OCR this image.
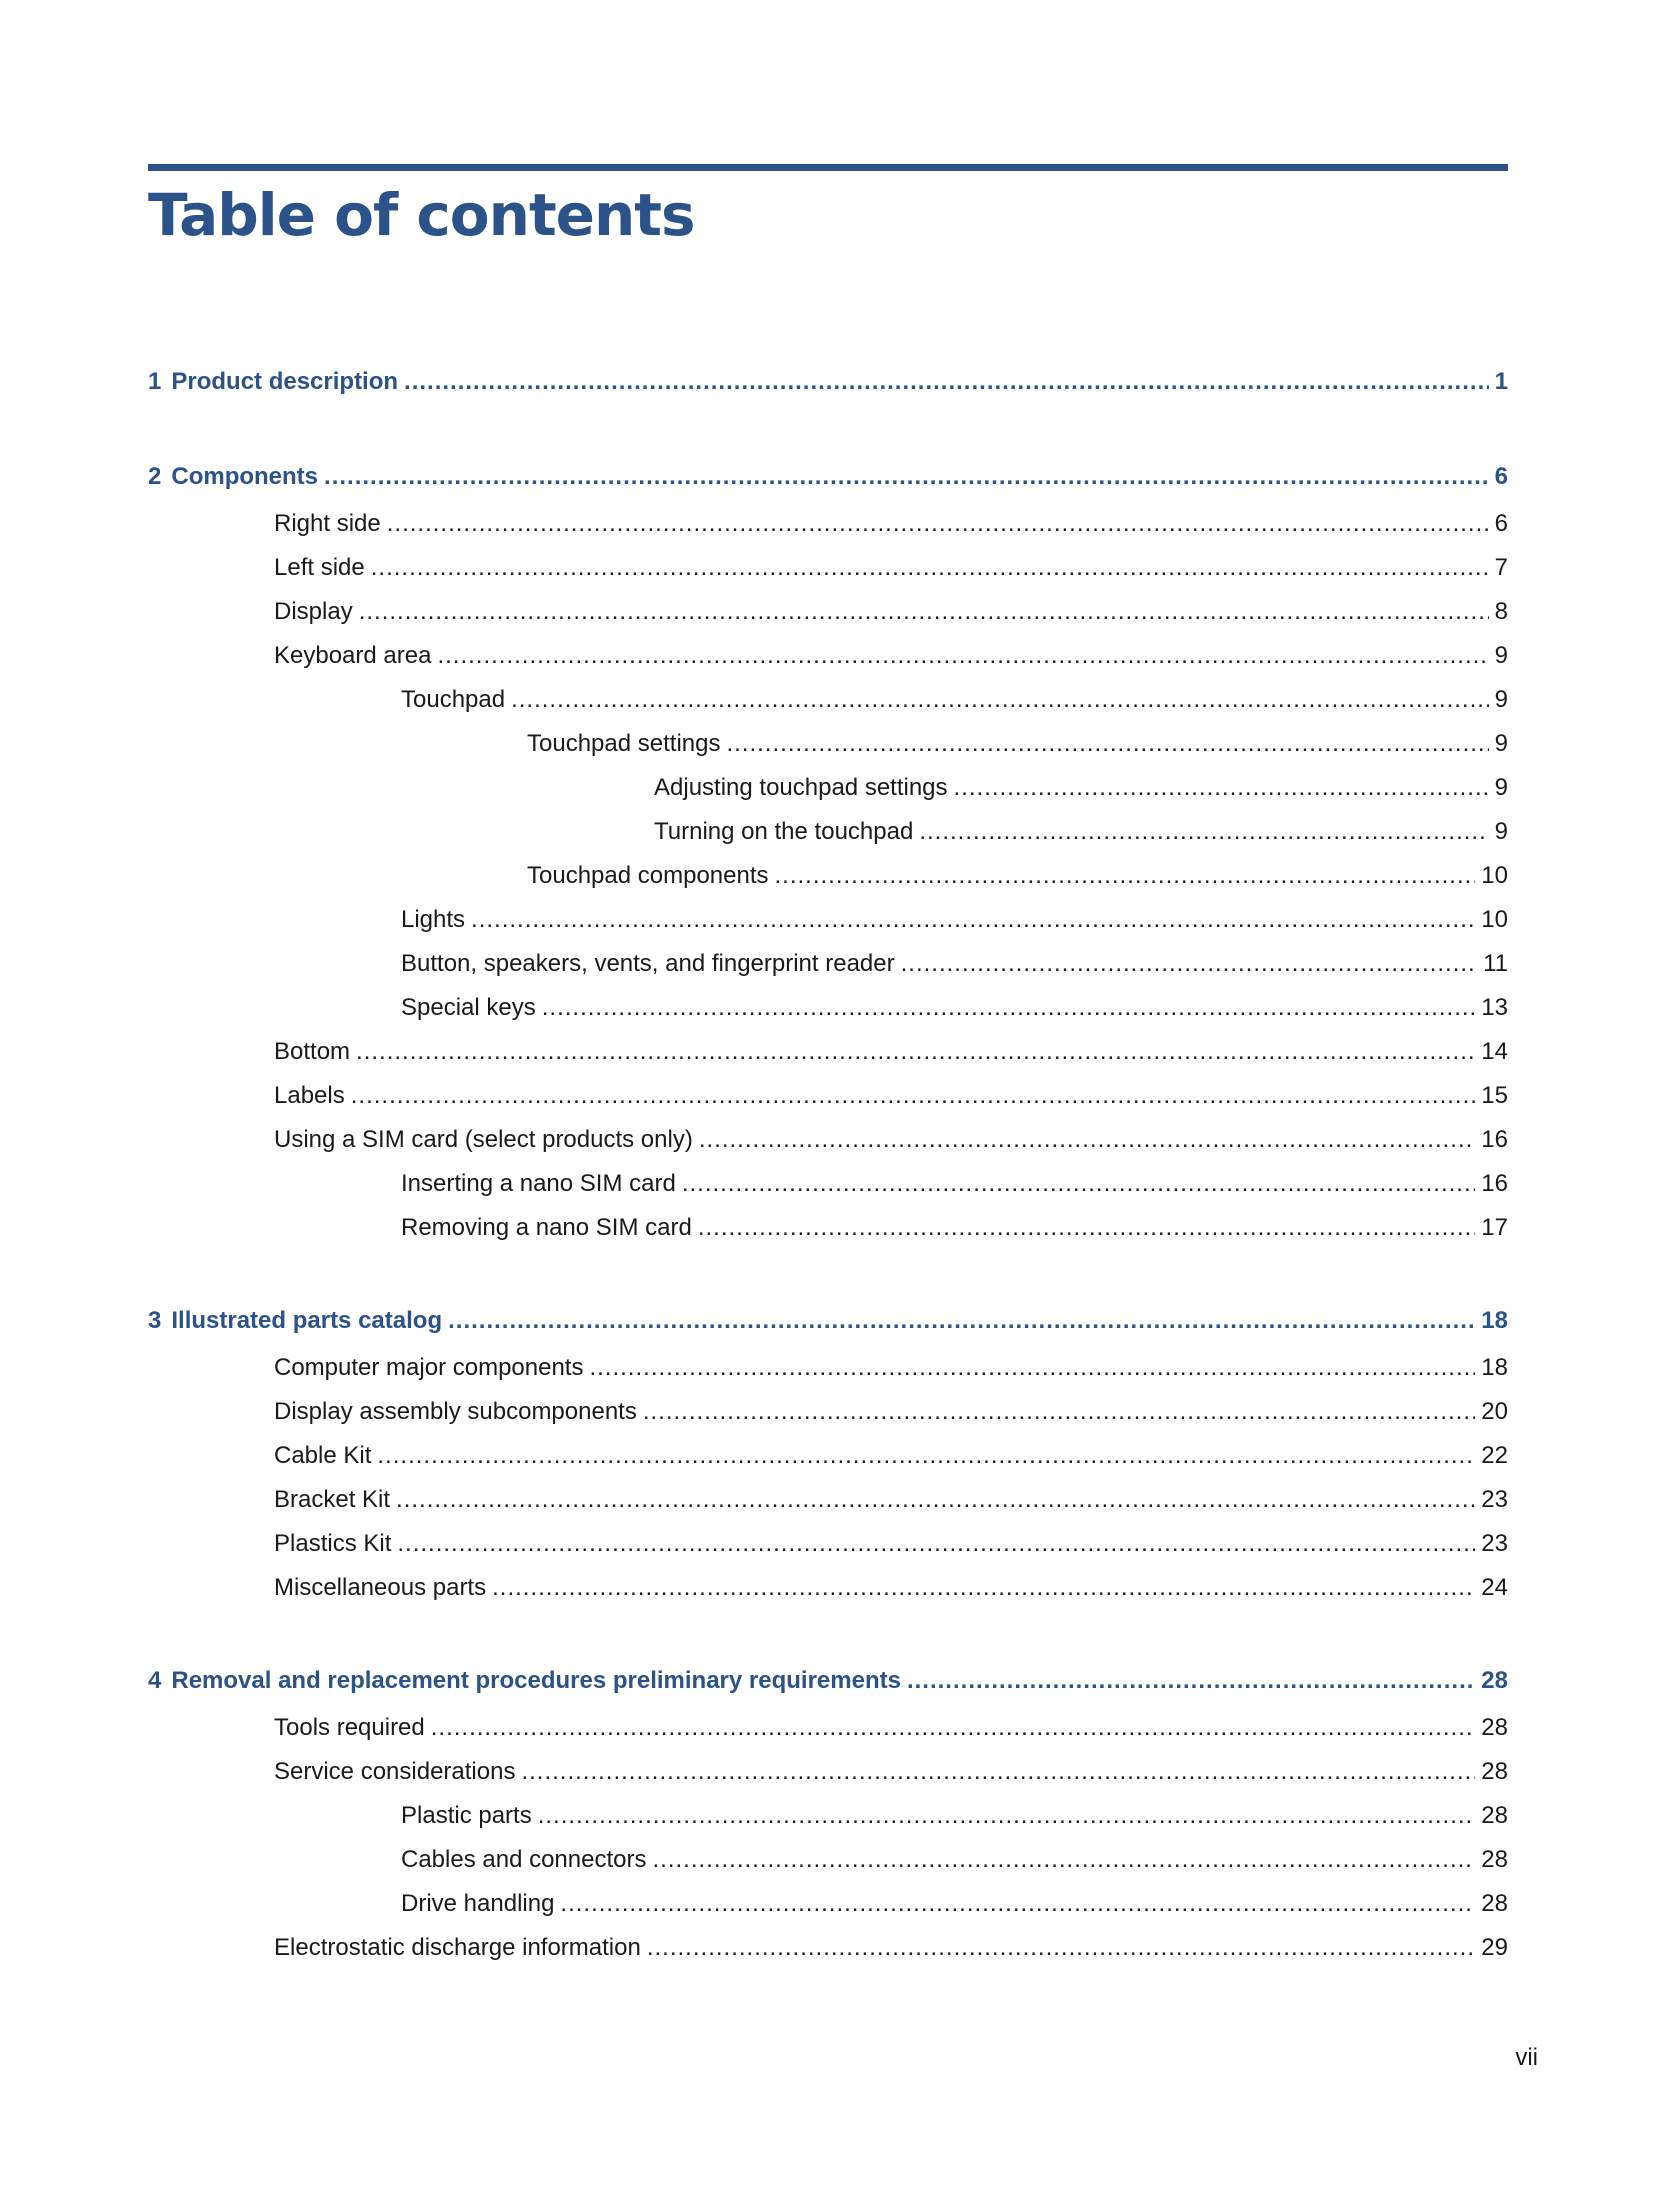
Table of contents
1 Product description .....	1
2 Components .....	6
Right side .....	6
Left side .....	7
Display .....	8
Keyboard area .....	9
Touchpad .....	9
Touchpad settings .....	9
Adjusting touchpad settings .....	9
Turning on the touchpad .....	9
Touchpad components .....	10
Lights .....	10
Button, speakers, vents, and fingerprint reader .....	11
Special keys .....	13
Bottom .....	14
Labels .....	15
Using a SIM card (select products only) .....	16
Inserting a nano SIM card .....	16
Removing a nano SIM card .....	17
3 Illustrated parts catalog .....	18
Computer major components .....	18
Display assembly subcomponents .....	20
Cable Kit .....	22
Bracket Kit .....	23
Plastics Kit .....	23
Miscellaneous parts .....	24
4 Removal and replacement procedures preliminary requirements .....	28
Tools required .....	28
Service considerations .....	28
Plastic parts .....	28
Cables and connectors .....	28
Drive handling .....	28
Electrostatic discharge information .....	29
vii
